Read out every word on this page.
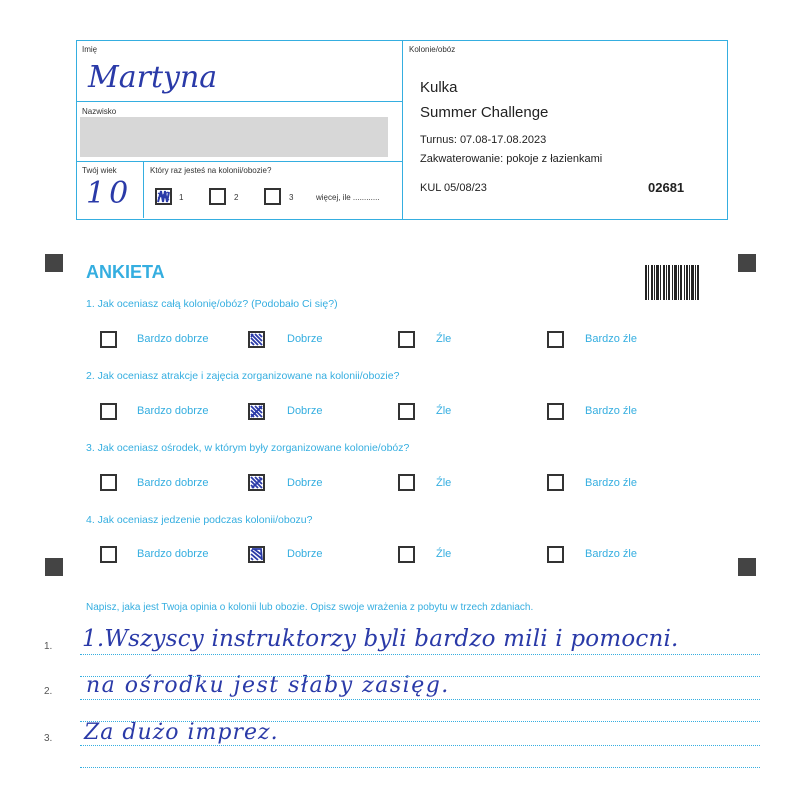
Imię
Martyna
Nazwisko
Twój wiek
10
Który raz jesteś na kolonii/obozie?
1	2	3	więcej, ile ............
Kolonie/obóz
Kulka
Summer Challenge
Turnus: 07.08-17.08.2023
Zakwaterowanie: pokoje z łazienkami
KUL 05/08/23	02681
ANKIETA
1. Jak oceniasz całą kolonię/obóz? (Podobało Ci się?)
Bardzo dobrze	Dobrze	Źle	Bardzo źle
2. Jak oceniasz atrakcje i zajęcia zorganizowane na kolonii/obozie?
Bardzo dobrze	Dobrze	Źle	Bardzo źle
3. Jak oceniasz ośrodek, w którym były zorganizowane kolonie/obóz?
Bardzo dobrze	Dobrze	Źle	Bardzo źle
4. Jak oceniasz jedzenie podczas kolonii/obozu?
Bardzo dobrze	Dobrze	Źle	Bardzo źle
Napisz, jaka jest Twoja opinia o kolonii lub obozie. Opisz swoje wrażenia z pobytu w trzech zdaniach.
1.
2.
3.
1.Wszyscy instruktorzy byli bardzo mili i pomocni.
na ośrodku jest słaby zasięg.
Za dużo imprez.
